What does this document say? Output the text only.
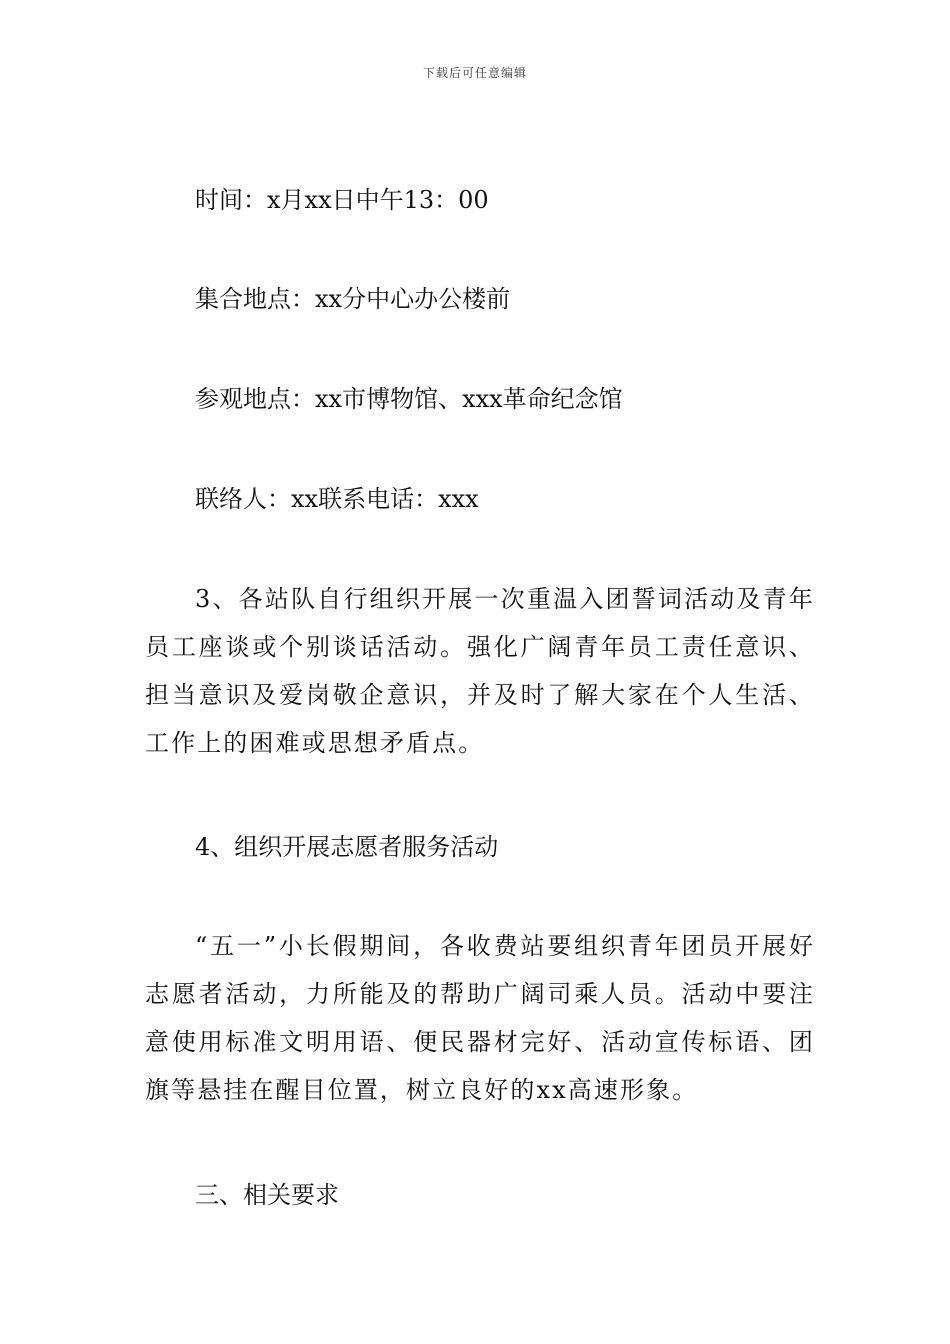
下载后可任意编辑
时间：x月xx日中午13：00
集合地点：xx分中心办公楼前
参观地点：xx市博物馆、xxx革命纪念馆
联络人：xx联系电话：xxx
3、各站队自行组织开展一次重温入团誓词活动及青年员工座谈或个别谈话活动。强化广阔青年员工责任意识、担当意识及爱岗敬企意识，并及时了解大家在个人生活、工作上的困难或思想矛盾点。
4、组织开展志愿者服务活动
“五一”小长假期间，各收费站要组织青年团员开展好志愿者活动，力所能及的帮助广阔司乘人员。活动中要注意使用标准文明用语、便民器材完好、活动宣传标语、团旗等悬挂在醒目位置，树立良好的xx高速形象。
三、相关要求
